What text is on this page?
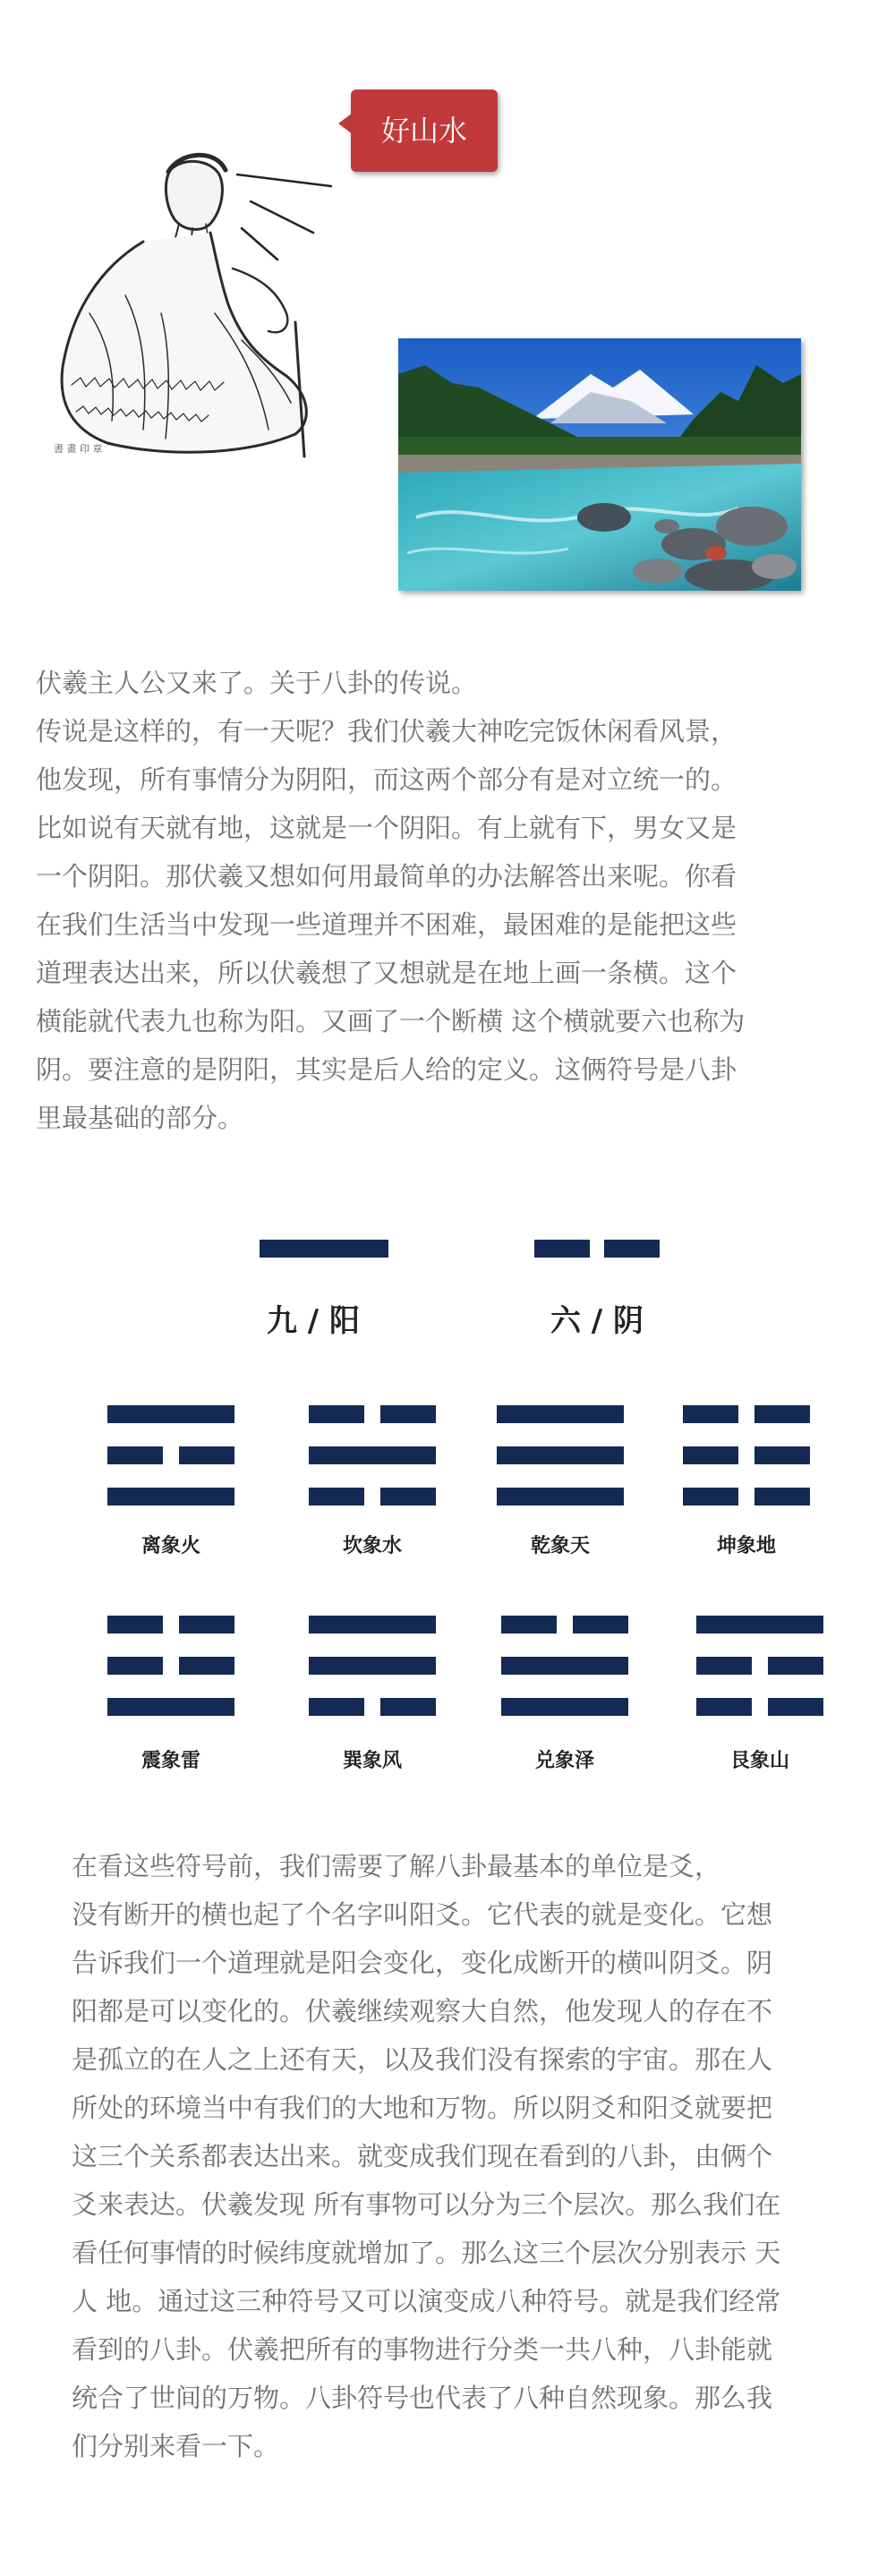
書 畫 印 章
好山水
伏羲主人公又来了。关于八卦的传说。
传说是这样的，有一天呢？我们伏羲大神吃完饭休闲看风景，
他发现，所有事情分为阴阳，而这两个部分有是对立统一的。
比如说有天就有地，这就是一个阴阳。有上就有下，男女又是
一个阴阳。那伏羲又想如何用最简单的办法解答出来呢。你看
在我们生活当中发现一些道理并不困难，最困难的是能把这些
道理表达出来，所以伏羲想了又想就是在地上画一条横。这个
横能就代表九也称为阳。又画了一个断横 这个横就要六也称为
阴。要注意的是阴阳，其实是后人给的定义。这俩符号是八卦
里最基础的部分。
九 / 阳	六 / 阴
离象火	坎象水	乾象天	坤象地
震象雷	巽象风	兑象泽	艮象山
在看这些符号前，我们需要了解八卦最基本的单位是爻，
没有断开的横也起了个名字叫阳爻。它代表的就是变化。它想
告诉我们一个道理就是阳会变化，变化成断开的横叫阴爻。阴
阳都是可以变化的。伏羲继续观察大自然，他发现人的存在不
是孤立的在人之上还有天，以及我们没有探索的宇宙。那在人
所处的环境当中有我们的大地和万物。所以阴爻和阳爻就要把
这三个关系都表达出来。就变成我们现在看到的八卦，由俩个
爻来表达。伏羲发现 所有事物可以分为三个层次。那么我们在
看任何事情的时候纬度就增加了。那么这三个层次分别表示 天
人 地。通过这三种符号又可以演变成八种符号。就是我们经常
看到的八卦。伏羲把所有的事物进行分类一共八种，八卦能就
统合了世间的万物。八卦符号也代表了八种自然现象。那么我
们分别来看一下。
